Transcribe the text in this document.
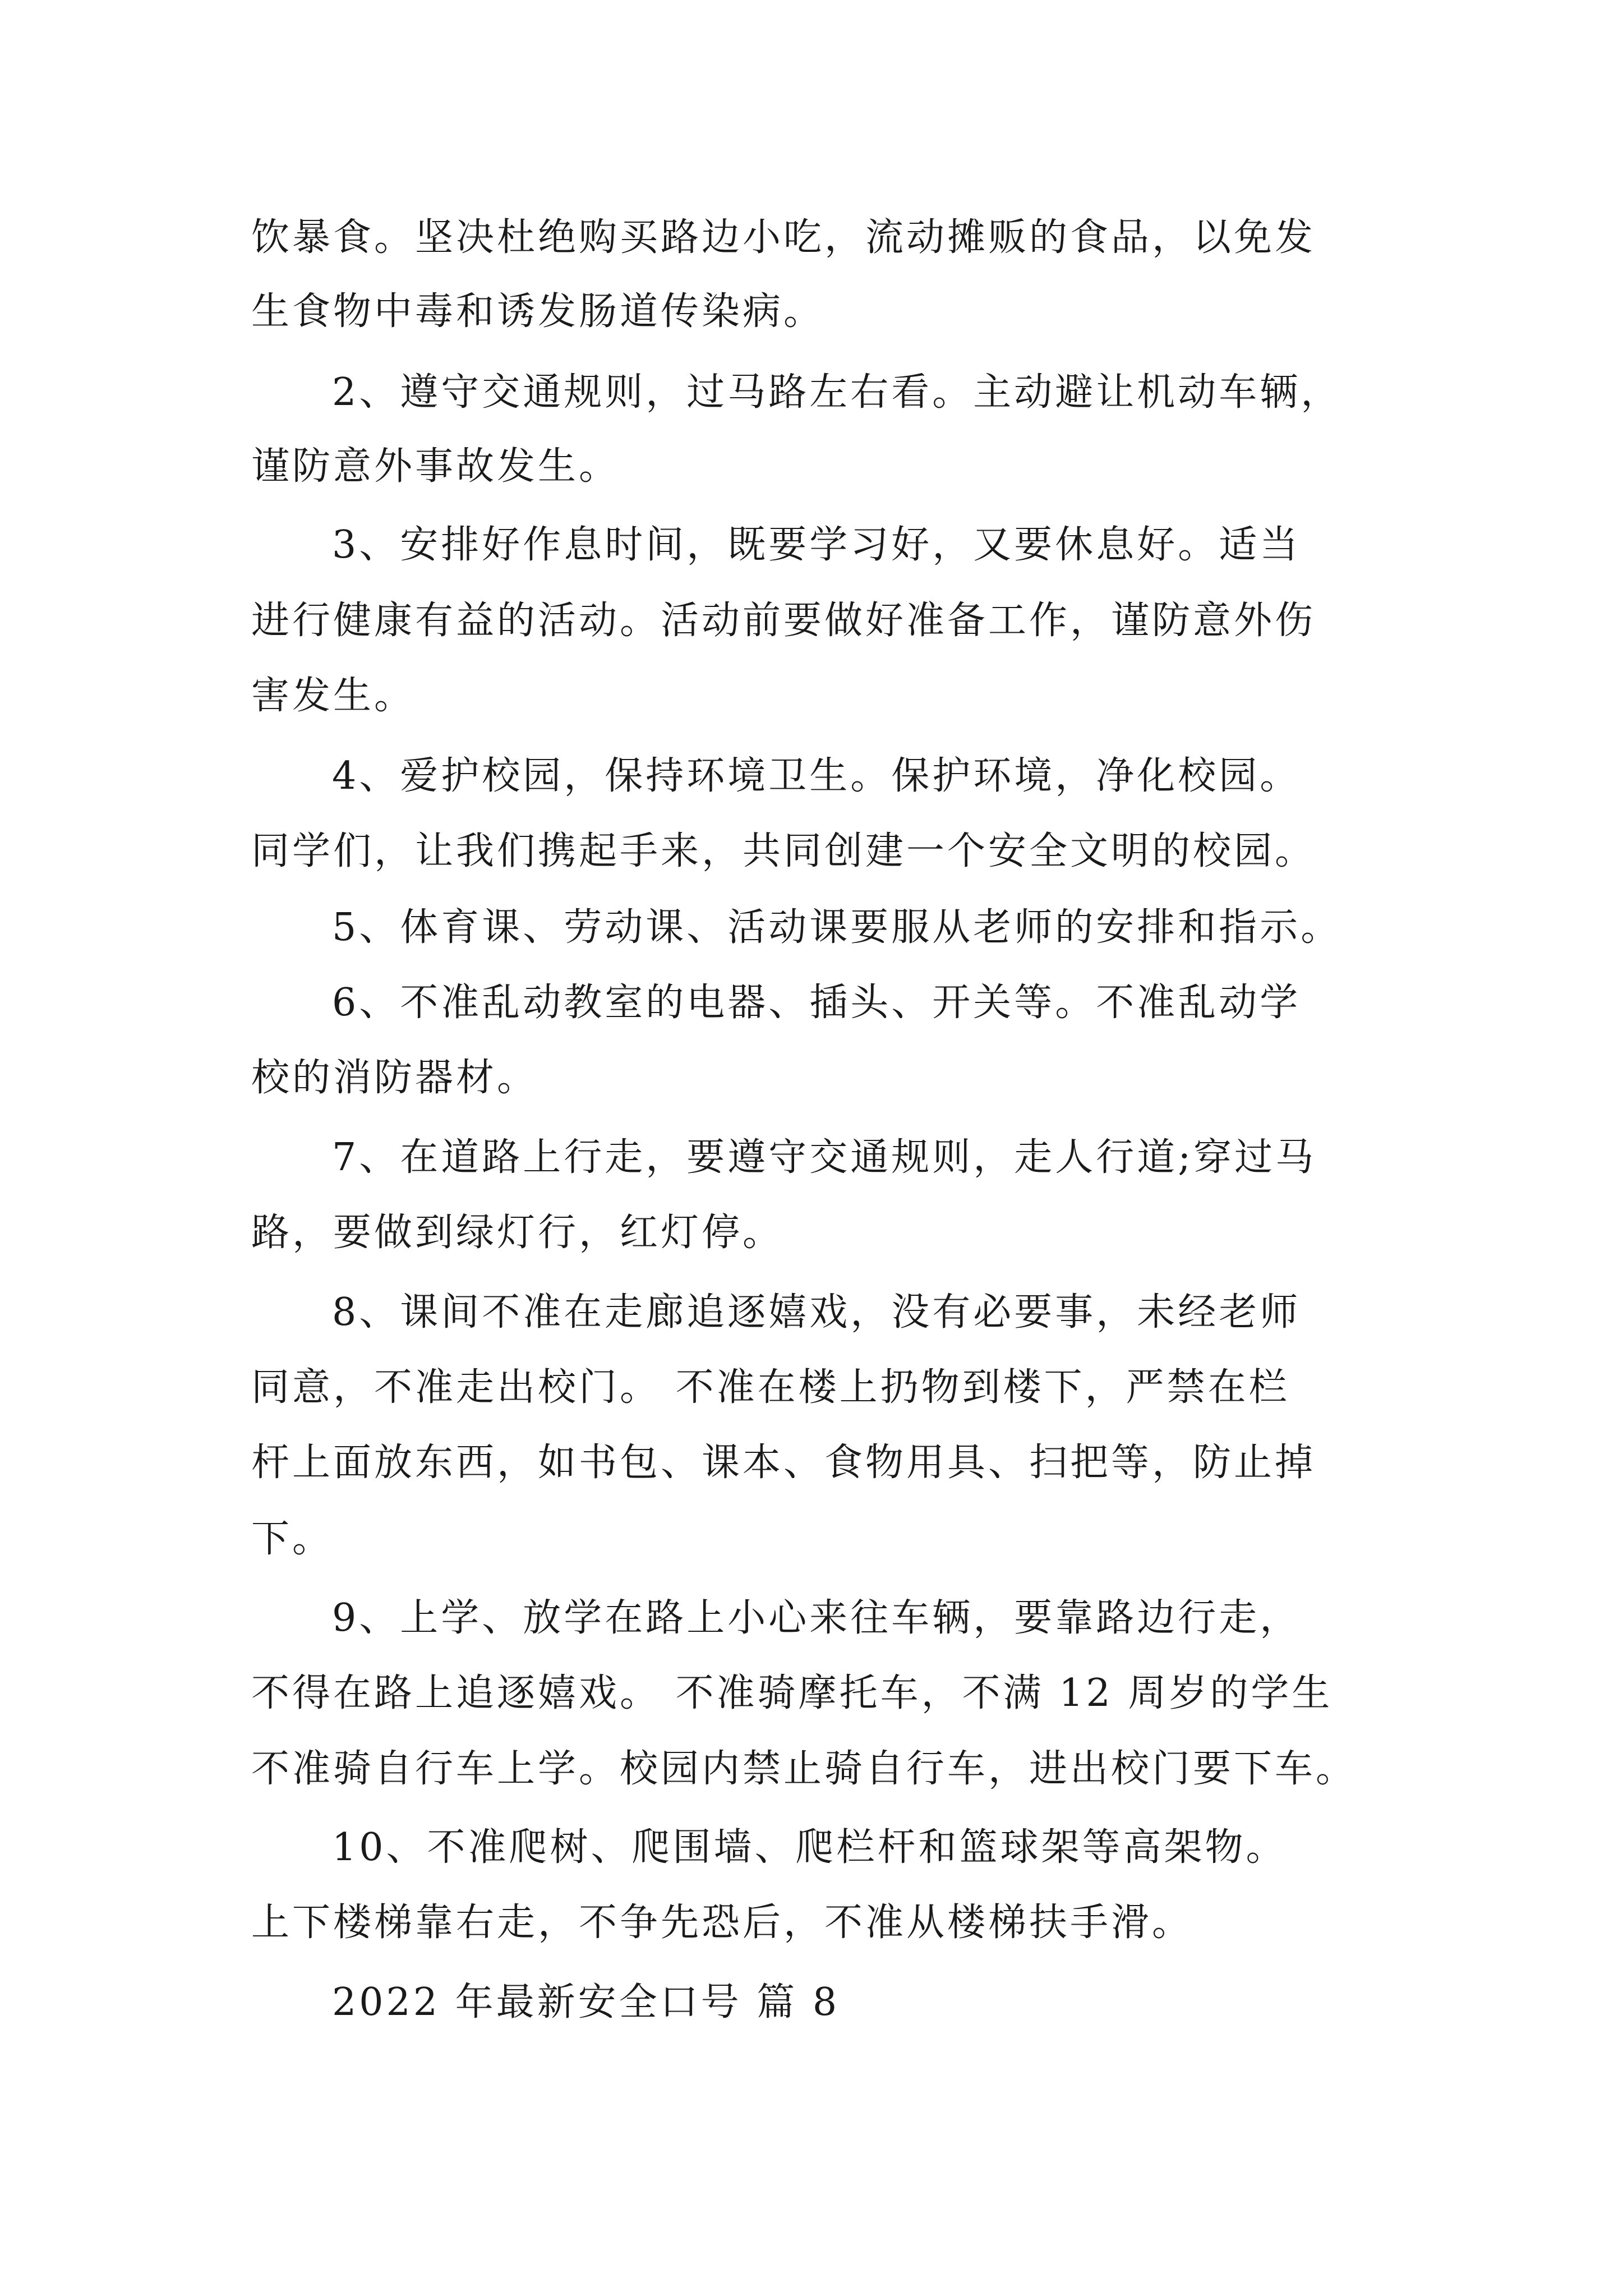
饮暴食。坚决杜绝购买路边小吃，流动摊贩的食品，以免发
生食物中毒和诱发肠道传染病。
2、遵守交通规则，过马路左右看。主动避让机动车辆，
谨防意外事故发生。
3、安排好作息时间，既要学习好，又要休息好。适当
进行健康有益的活动。活动前要做好准备工作，谨防意外伤
害发生。
4、爱护校园，保持环境卫生。保护环境，净化校园。
同学们，让我们携起手来，共同创建一个安全文明的校园。
5、体育课、劳动课、活动课要服从老师的安排和指示。
6、不准乱动教室的电器、插头、开关等。不准乱动学
校的消防器材。
7、在道路上行走，要遵守交通规则，走人行道;穿过马
路，要做到绿灯行，红灯停。
8、课间不准在走廊追逐嬉戏，没有必要事，未经老师
同意，不准走出校门。 不准在楼上扔物到楼下，严禁在栏
杆上面放东西，如书包、课本、食物用具、扫把等，防止掉
下。
9、上学、放学在路上小心来往车辆，要靠路边行走，
不得在路上追逐嬉戏。 不准骑摩托车，不满 12 周岁的学生
不准骑自行车上学。校园内禁止骑自行车，进出校门要下车。
10、不准爬树、爬围墙、爬栏杆和篮球架等高架物。
上下楼梯靠右走，不争先恐后，不准从楼梯扶手滑。
2022 年最新安全口号 篇 8
